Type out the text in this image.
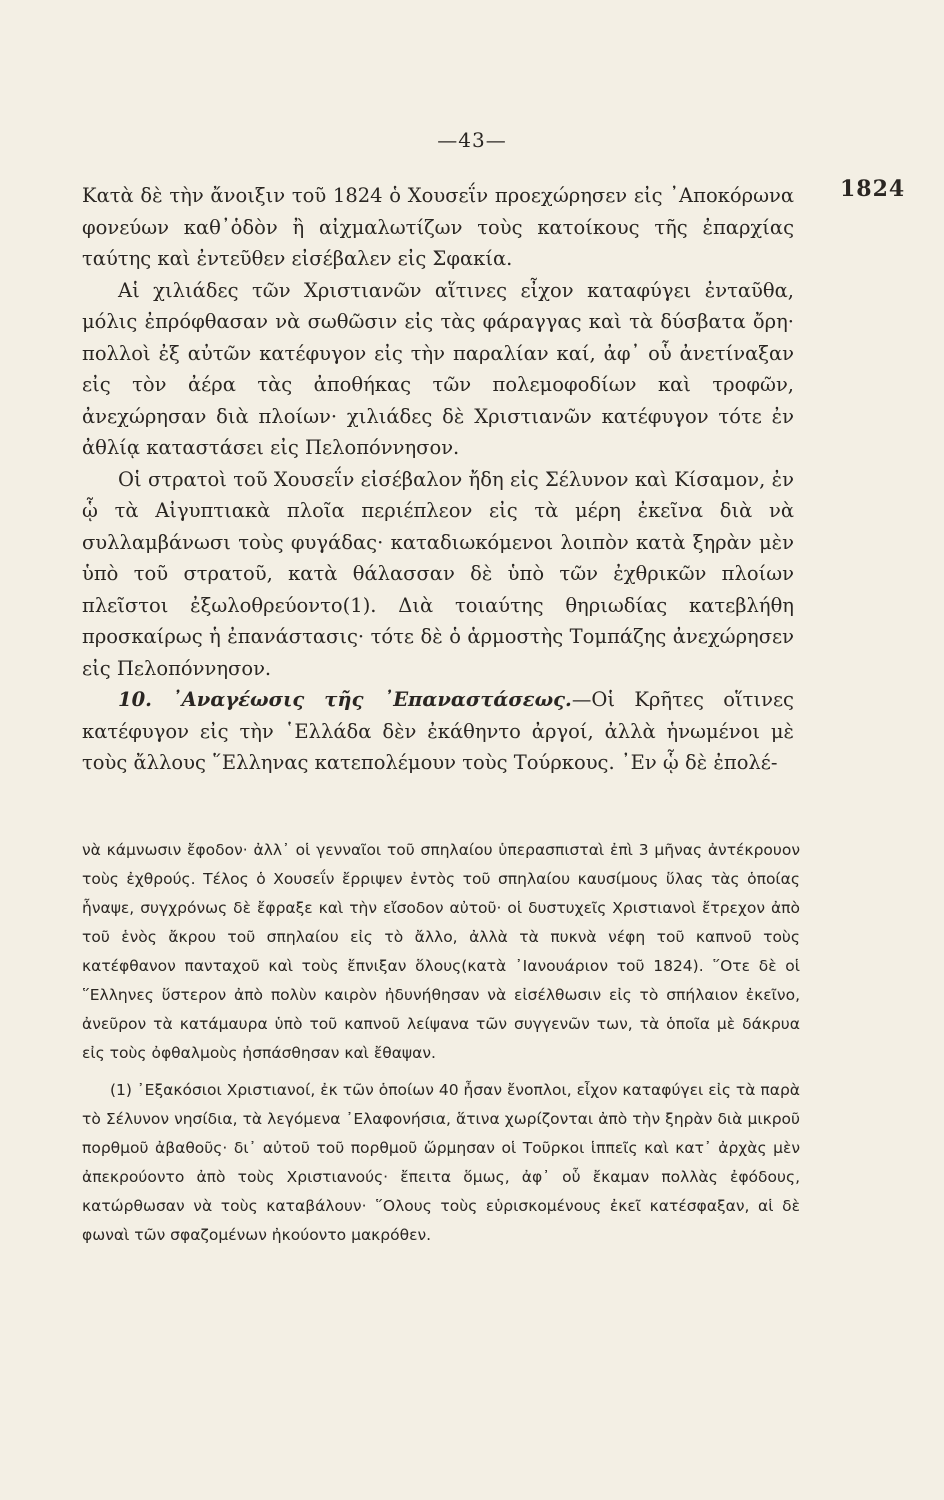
—43—
1824

Κατὰ δὲ τὴν ἄνοιξιν τοῦ 1824 ὁ Χουσεΐν προεχώρησεν εἰς ᾿Αποκόρωνα φονεύων καθ᾿ὁδὸν ἢ αἰχμαλωτίζων τοὺς κατοίκους τῆς ἐπαρχίας ταύτης καὶ ἐντεῦθεν εἰσέβαλεν εἰς Σφακία.

Αἱ χιλιάδες τῶν Χριστιανῶν αἵτινες εἶχον καταφύγει ἐνταῦθα, μόλις ἐπρόφθασαν νὰ σωθῶσιν εἰς τὰς φάραγγας καὶ τὰ δύσβατα ὄρη· πολλοὶ ἐξ αὐτῶν κατέφυγον εἰς τὴν παραλίαν καί, ἀφ᾿ οὗ ἀνετίναξαν εἰς τὸν ἀέρα τὰς ἀποθήκας τῶν πολεμοφοδίων καὶ τροφῶν, ἀνεχώρησαν διὰ πλοίων· χιλιάδες δὲ Χριστιανῶν κατέφυγον τότε ἐν ἀθλίᾳ καταστάσει εἰς Πελοπόννησον.

Οἱ στρατοὶ τοῦ Χουσεΐν εἰσέβαλον ἤδη εἰς Σέλυνον καὶ Κίσαμον, ἐν ᾧ τὰ Αἰγυπτιακὰ πλοῖα περιέπλεον εἰς τὰ μέρη ἐκεῖνα διὰ νὰ συλλαμβάνωσι τοὺς φυγάδας· καταδιωκόμενοι λοιπὸν κατὰ ξηρὰν μὲν ὑπὸ τοῦ στρατοῦ, κατὰ θάλασσαν δὲ ὑπὸ τῶν ἐχθρικῶν πλοίων πλεῖστοι ἐξωλοθρεύοντο(1). Διὰ τοιαύτης θηριωδίας κατεβλήθη προσκαίρως ἡ ἐπανάστασις· τότε δὲ ὁ ἁρμοστὴς Τομπάζης ἀνεχώρησεν εἰς Πελοπόννησον.

10. ᾿Αναγέωσις τῆς ᾿Επαναστάσεως.—Οἱ Κρῆτες οἵτινες κατέφυγον εἰς τὴν ῾Ελλάδα δὲν ἐκάθηντο ἀργοί, ἀλλὰ ἡνωμένοι μὲ τοὺς ἄλλους ῞Ελληνας κατεπολέμουν τοὺς Τούρκους. ᾿Εν ᾧ δὲ ἐπολέ-

νὰ κάμνωσιν ἔφοδον· ἀλλ᾿ οἱ γενναῖοι τοῦ σπηλαίου ὑπερασπισταὶ ἐπὶ 3 μῆνας ἀντέκρουον τοὺς ἐχθρούς. Τέλος ὁ Χουσεΐν ἔρριψεν ἐντὸς τοῦ σπηλαίου καυσίμους ὕλας τὰς ὁποίας ἧναψε, συγχρόνως δὲ ἔφραξε καὶ τὴν εἴσοδον αὐτοῦ· οἱ δυστυχεῖς Χριστιανοὶ ἔτρεχον ἀπὸ τοῦ ἑνὸς ἄκρου τοῦ σπηλαίου εἰς τὸ ἄλλο, ἀλλὰ τὰ πυκνὰ νέφη τοῦ καπνοῦ τοὺς κατέφθανον πανταχοῦ καὶ τοὺς ἔπνιξαν ὅλους(κατὰ ᾿Ιανουάριον τοῦ 1824). ῞Οτε δὲ οἱ ῞Ελληνες ὕστερον ἀπὸ πολὺν καιρὸν ἠδυνήθησαν νὰ εἰσέλθωσιν εἰς τὸ σπήλαιον ἐκεῖνο, ἀνεῦρον τὰ κατάμαυρα ὑπὸ τοῦ καπνοῦ λείψανα τῶν συγγενῶν των, τὰ ὁποῖα μὲ δάκρυα εἰς τοὺς ὀφθαλμοὺς ἠσπάσθησαν καὶ ἔθαψαν.

(1) ᾿Εξακόσιοι Χριστιανοί, ἐκ τῶν ὁποίων 40 ἦσαν ἔνοπλοι, εἶχον καταφύγει εἰς τὰ παρὰ τὸ Σέλυνον νησίδια, τὰ λεγόμενα ᾿Ελαφονήσια, ἅτινα χωρίζονται ἀπὸ τὴν ξηρὰν διὰ μικροῦ πορθμοῦ ἀβαθοῦς· δι᾿ αὐτοῦ τοῦ πορθμοῦ ὥρμησαν οἱ Τοῦρκοι ἱππεῖς καὶ κατ᾿ ἀρχὰς μὲν ἀπεκρούοντο ἀπὸ τοὺς Χριστιανούς· ἔπειτα ὅμως, ἀφ᾿ οὗ ἔκαμαν πολλὰς ἐφόδους, κατώρθωσαν νὰ τοὺς καταβάλουν· ῞Ολους τοὺς εὑρισκομένους ἐκεῖ κατέσφαξαν, αἱ δὲ φωναὶ τῶν σφαζομένων ἠκούοντο μακρόθεν.
